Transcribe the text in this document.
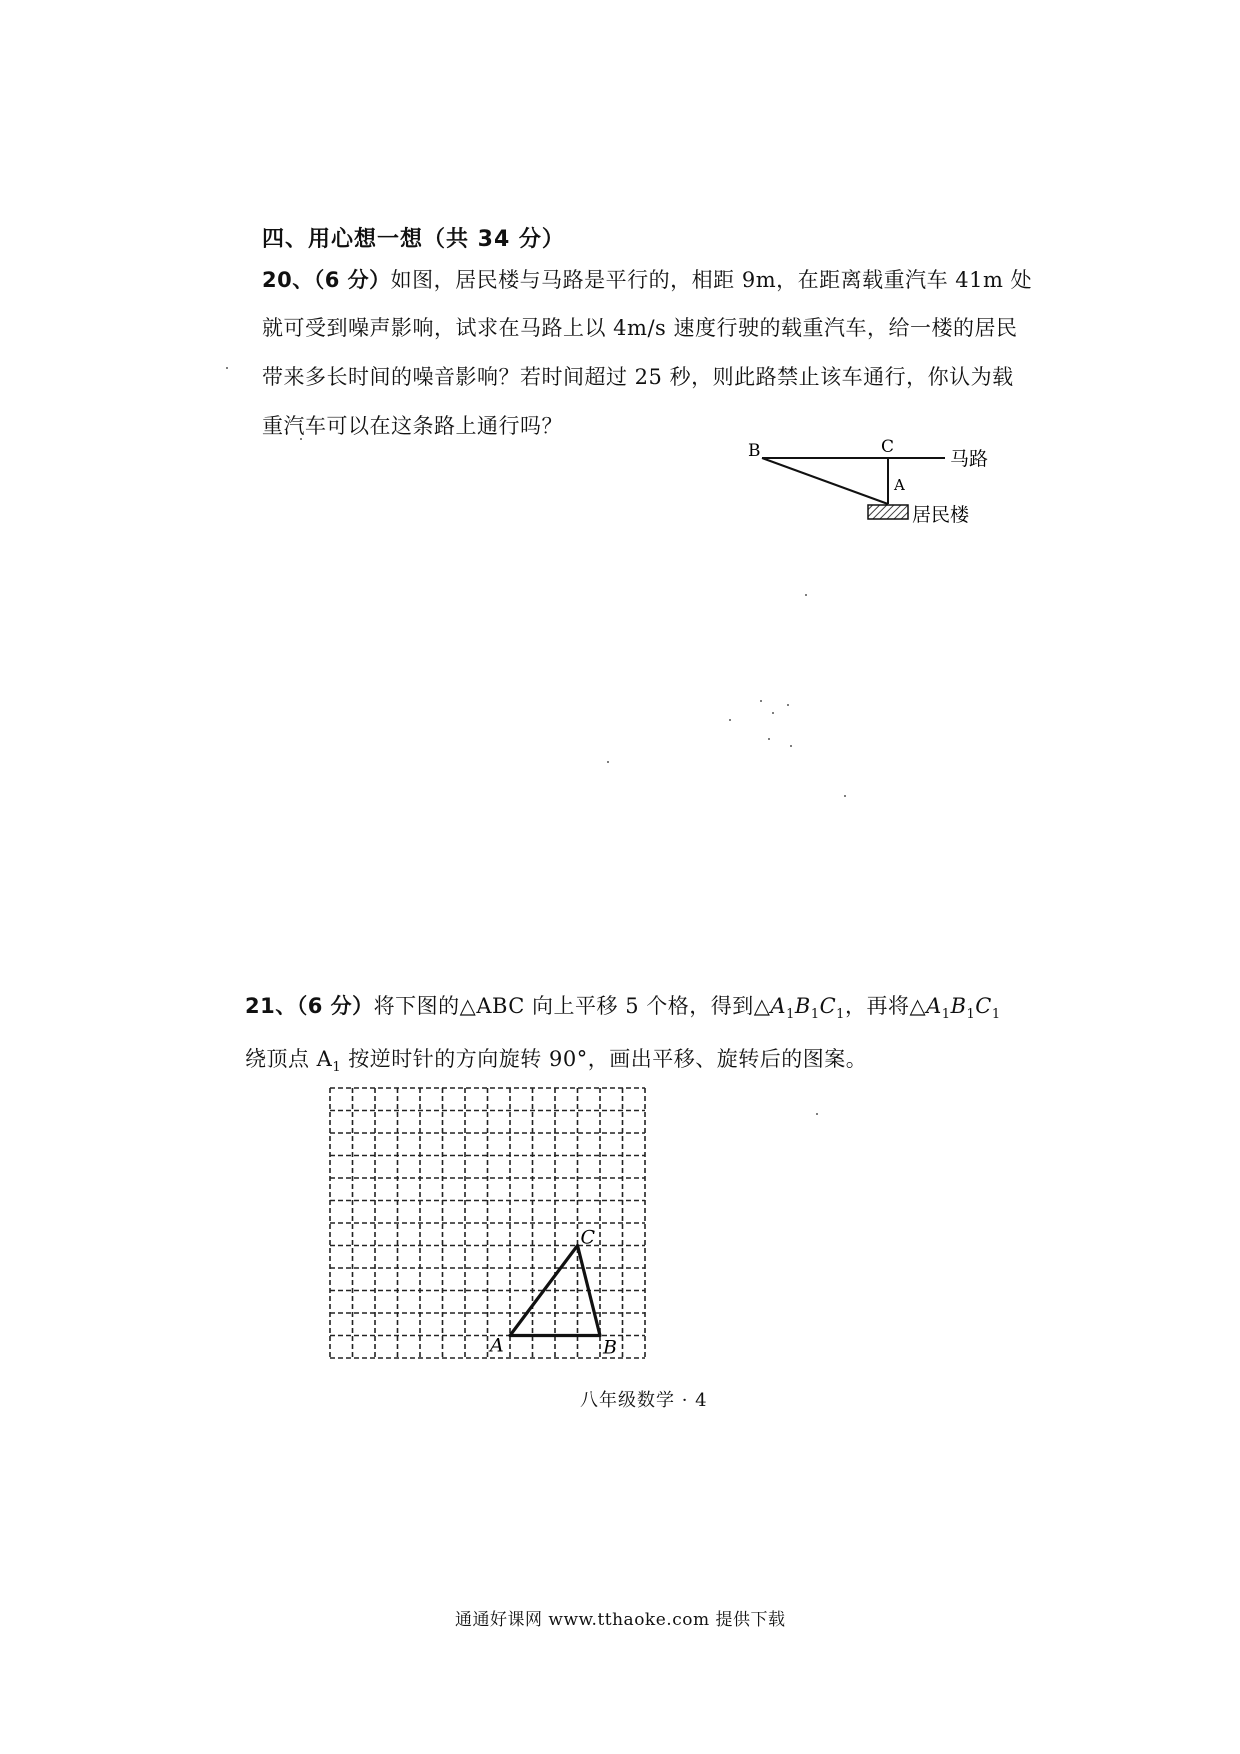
四、用心想一想（共 34 分）
20、（6 分）如图，居民楼与马路是平行的，相距 9m，在距离载重汽车 41m 处
就可受到噪声影响，试求在马路上以 4m/s 速度行驶的载重汽车，给一楼的居民
带来多长时间的噪音影响？若时间超过 25 秒，则此路禁止该车通行，你认为载
重汽车可以在这条路上通行吗？
B	C
A
马路
居民楼
21、（6 分）将下图的△ABC 向上平移 5 个格，得到$\triangle A_1B_1C_1$，再将$\triangle A_1B_1C_1$
绕顶点 $A_1$ 按逆时针的方向旋转 90°，画出平移、旋转后的图案。
A	B
C
八年级数学 · 4
通通好课网 www.tthaoke.com 提供下载
